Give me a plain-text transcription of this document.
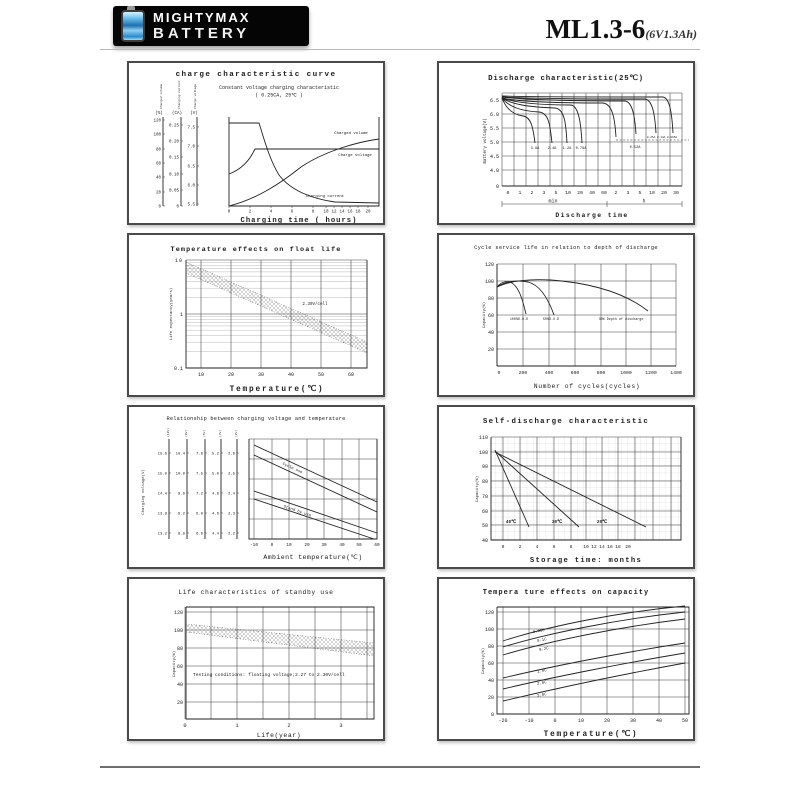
MIGHTYMAX
BATTERY	ML1.3-6(6V1.3Ah)
charge characteristic curve
Constant voltage charging characteristic
( 0.25CA, 25℃ )
Charged volume	Charging current	Charge voltage
(%) (CA) (V)
120
100
80
60
40
20
0
0.25
0.20
0.15
0.10
0.05
0
7.5
7.0
6.5
6.0
5.5
0	2	4	6	8 10 12 14 16 18 20
Charged volume
Charge voltage
Charging current
Charging time ( hours)
Discharge characteristic(25℃)
6.5
6.0
5.5
5.0
4.5
4.0
0
Battery voltage(V)	3.9A 2.4A 1.2A 0.79A	0.52A
0.25A 0.13A 0.065A
0 1 2 3 5 10 20 40 60 2 3 5 10 20 30
min	h
Discharge time
Temperature effects on float life
10
1
0.1
Life expectancy(years)	2.30V/cell
10	20	30	40	50	60
Temperature(℃)
Cycle service life in relation to depth of discharge
120
100
80
60
40
20
Capacity(%)	100%D.O.D	50%D.O.D	30% Depth of discharge
0	200	400	600	800	1000	1200	1400
Number of cycles(cycles)
Relationship between charging voltage and temperature
Charging voltage(V)
(12V)	(8V)	(6V)	(4V)	(2V)
15.6
15.0
14.4
13.8
13.2
10.4
10.0
9.6
9.2
8.8
7.8
7.5
7.2
6.9
6.6
5.2
5.0
4.8
4.6
4.4
2.6
2.5
2.4
2.3
2.2
Cycle use
Stand by use
-10	0	10	20	30	40	50	60
Ambient temperature(℃)
Self-discharge characteristic
110
100
90
80
70
60
50
40
Capacity(%)
40℃	30℃	20℃
0	2	4	6	8 10 12 14 16 18 20
Storage time: months
Life characteristics of standby use
120
100
80
60
40
20
Capacity(%)	Testing conditions: floating voltage;2.27 to 2.30V/cell
0	1	2	3
Life(year)
Tempera ture effects on capacity
120
100
80
60
40
20
0
Capacity(%)
0.05C
0.1C
0.2C
1.0C
2.0C
3.0C
-20	-10	0	10	20	30	40	50
Temperature(℃)
